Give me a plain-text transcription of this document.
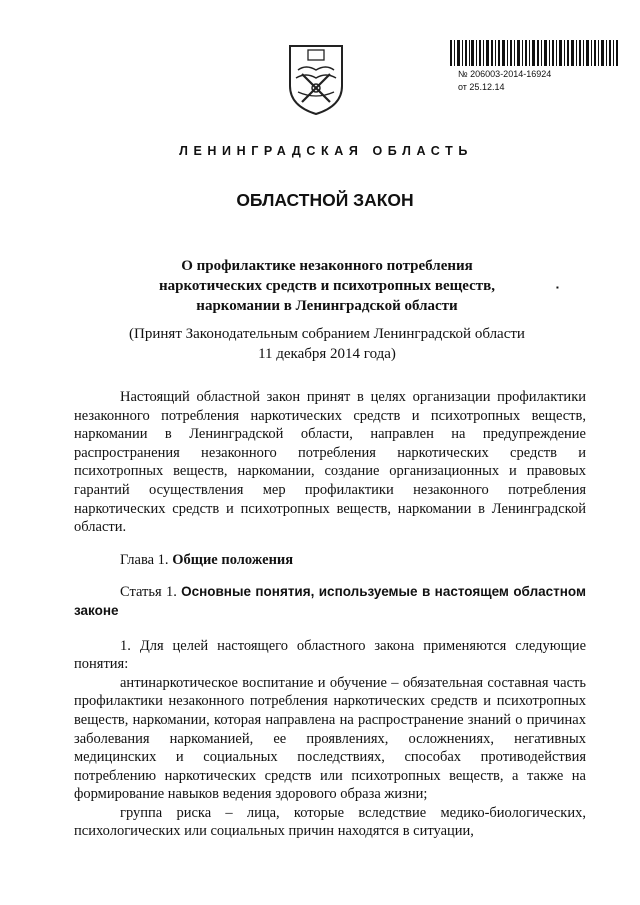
№ 206003-2014-16924
от 25.12.14
ЛЕНИНГРАДСКАЯ ОБЛАСТЬ
ОБЛАСТНОЙ ЗАКОН
О профилактике незаконного потребления
наркотических средств и психотропных веществ,
наркомании в Ленинградской области
▪
(Принят Законодательным собранием Ленинградской области
11 декабря 2014 года)

Настоящий областной закон принят в целях организации профилактики незаконного потребления наркотических средств и психотропных веществ, наркомании в Ленинградской области, направлен на предупреждение распространения незаконного потребления наркотических средств и психотропных веществ, наркомании, создание организационных и правовых гарантий осуществления мер профилактики незаконного потребления наркотических средств и психотропных веществ, наркомании в Ленинградской области.

Глава 1. Общие положения

Статья 1. Основные понятия, используемые в настоящем областном законе

1. Для целей настоящего областного закона применяются следующие понятия:

антинаркотическое воспитание и обучение – обязательная составная часть профилактики незаконного потребления наркотических средств и психотропных веществ, наркомании, которая направлена на распространение знаний о причинах заболевания наркоманией, ее проявлениях, осложнениях, негативных медицинских и социальных последствиях, способах противодействия потреблению наркотических средств или психотропных веществ, а также на формирование навыков ведения здорового образа жизни;

группа риска – лица, которые вследствие медико-биологических, психологических или социальных причин находятся в ситуации,
